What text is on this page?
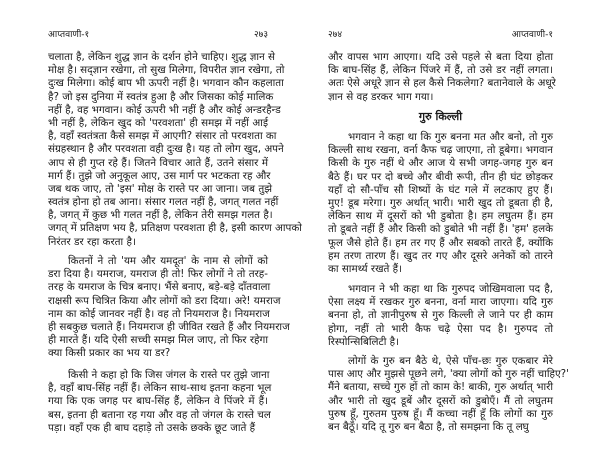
आप्तवाणी-१	२७३
चलाता है, लेकिन शुद्ध ज्ञान के दर्शन होने चाहिए। शुद्ध ज्ञान से
मोक्ष है। सद्ज्ञान रखेगा, तो सुख मिलेगा, विपरीत ज्ञान रखेगा, तो
दुःख मिलेगा। कोई बाप भी ऊपरी नहीं है। भगवान कौन कहलाता
है? जो इस दुनिया में स्वतंत्र हुआ है और जिसका कोई मालिक
नहीं है, वह भगवान। कोई ऊपरी भी नहीं है और कोई अन्डरहैन्ड
भी नहीं है, लेकिन खुद को 'परवशता' ही समझ में नहीं आई
है, वहाँ स्वतंत्रता कैसे समझ में आएगी? संसार तो परवशता का
संग्रहस्थान है और परवशता वही दुःख है। यह तो लोग खुद, अपने
आप से ही गुप्त रहे हैं। जितने विचार आते हैं, उतने संसार में
मार्ग हैं। तुझे जो अनुकूल आए, उस मार्ग पर भटकता रह और
जब थक जाए, तो 'इस' मोक्ष के रास्ते पर आ जाना। जब तुझे
स्वतंत्र होना हो तब आना। संसार गलत नहीं है, जगत् गलत नहीं
है, जगत् में कुछ भी गलत नहीं है, लेकिन तेरी समझ गलत है।
जगत् में प्रतिक्षण भय है, प्रतिक्षण परवशता ही है, इसी कारण आपको
निरंतर डर रहा करता है।
कितनों ने तो 'यम और यमदूत' के नाम से लोगों को
डरा दिया है। यमराज, यमराज ही तो! फिर लोगों ने तो तरह-
तरह के यमराज के चित्र बनाए। भैंसे बनाए, बड़े-बड़े दाँतवाला
राक्षसी रूप चित्रित किया और लोगों को डरा दिया। अरे! यमराज
नाम का कोई जानवर नहीं है। वह तो नियमराज है। नियमराज
ही सबकुछ चलाते हैं। नियमराज ही जीवित रखते हैं और नियमराज
ही मारते हैं। यदि ऐसी सच्ची समझ मिल जाए, तो फिर रहेगा
क्या किसी प्रकार का भय या डर?
किसी ने कहा हो कि जिस जंगल के रास्ते पर तुझे जाना
है, वहाँ बाघ-सिंह नहीं हैं। लेकिन साथ-साथ इतना कहना भूल
गया कि एक जगह पर बाघ-सिंह हैं, लेकिन वे पिंजरे में हैं।
बस, इतना ही बताना रह गया और वह तो जंगल के रास्ते चल
पड़ा। वहाँ एक ही बाघ दहाड़े तो उसके छक्के छूट जाते हैं
२७४	आप्तवाणी-१
और वापस भाग आएगा। यदि उसे पहले से बता दिया होता
कि बाघ-सिंह हैं, लेकिन पिंजरे में हैं, तो उसे डर नहीं लगता।
अतः ऐसे अधूरे ज्ञान से हल कैसे निकलेगा? बतानेवाले के अधूरे
ज्ञान से वह डरकर भाग गया।
गुरु किल्ली
भगवान ने कहा था कि गुरु बनना मत और बनो, तो गुरु
किल्ली साथ रखना, वर्ना कैफ चढ़ जाएगा, तो डूबेगा। भगवान
किसी के गुरु नहीं थे और आज ये सभी जगह-जगह गुरु बन
बैठे हैं। घर पर दो बच्चे और बीवी रूपी, तीन ही घंट छोड़कर
यहाँ दो सौ-पाँच सौ शिष्यों के घंट गले में लटकाए हुए हैं।
मुए! डूब मरेगा। गुरु अर्थात् भारी। भारी खुद तो डूबता ही है,
लेकिन साथ में दूसरों को भी डुबोता है। हम लघुतम हैं। हम
तो डूबते नहीं हैं और किसी को डुबोते भी नहीं हैं। 'हम' हलके
फूल जैसे होते हैं। हम तर गए हैं और सबको तारते हैं, क्योंकि
हम तरण तारण हैं। खुद तर गए और दूसरे अनेकों को तारने
का सामर्थ्य रखते हैं।
भगवान ने भी कहा था कि गुरुपद जोखिमवाला पद है,
ऐसा लक्ष्य में रखकर गुरु बनना, वर्ना मारा जाएगा। यदि गुरु
बनना हो, तो ज्ञानीपुरुष से गुरु किल्ली ले जाने पर ही काम
होगा, नहीं तो भारी कैफ चढ़े ऐसा पद है। गुरुपद तो
रिस्पोन्सिबिलिटी है।
लोगों के गुरु बन बैठे थे, ऐसे पाँच-छः गुरु एकबार मेरे
पास आए और मुझसे पूछने लगे, 'क्या लोगों को गुरु नहीं चाहिए?'
मैंने बताया, सच्चे गुरु हों तो काम के! बाकी, गुरु अर्थात् भारी
और भारी तो खुद डूबें और दूसरों को डुबोएँ। मैं तो लघुतम
पुरुष हूँ, गुरुतम पुरुष हूँ। मैं कच्चा नहीं हूँ कि लोगों का गुरु
बन बैठूँ। यदि तू गुरु बन बैठा है, तो समझना कि तू लघु
